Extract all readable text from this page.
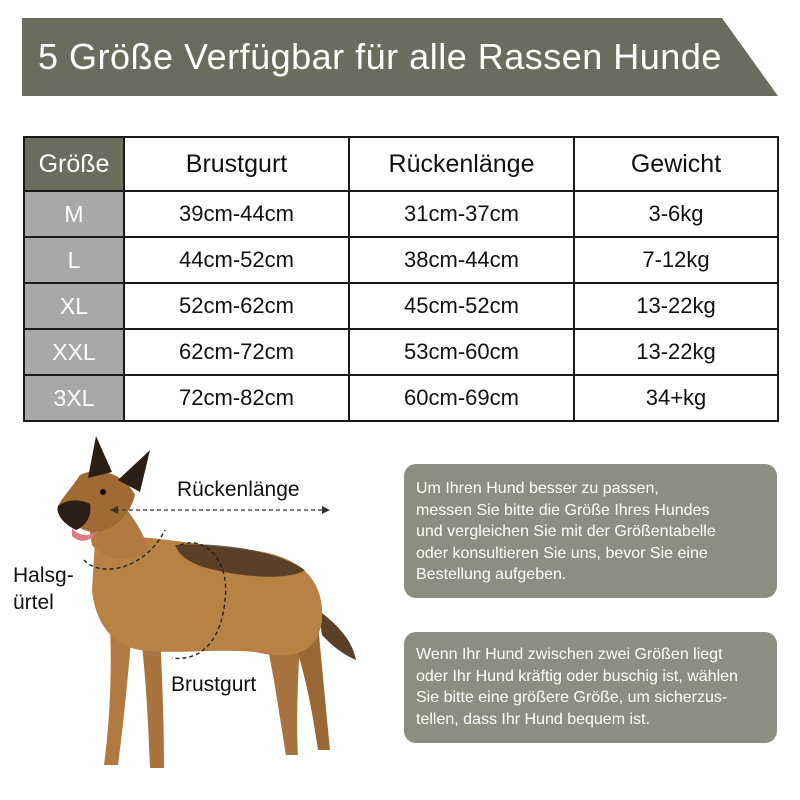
5 Größe Verfügbar für alle Rassen Hunde
Größe	Brustgurt	Rückenlänge	Gewicht
M	39cm-44cm	31cm-37cm	3-6kg
L	44cm-52cm	38cm-44cm	7-12kg
XL	52cm-62cm	45cm-52cm	13-22kg
XXL	62cm-72cm	53cm-60cm	13-22kg
3XL	72cm-82cm	60cm-69cm	34+kg
Rückenlänge
Halsg-
ürtel
Brustgurt
Um Ihren Hund besser zu passen,
messen Sie bitte die Größe Ihres Hundes
und vergleichen Sie mit der Größentabelle
oder konsultieren Sie uns, bevor Sie eine
Bestellung aufgeben.
Wenn Ihr Hund zwischen zwei Größen liegt
oder Ihr Hund kräftig oder buschig ist, wählen
Sie bitte eine größere Größe, um sicherzus-
tellen, dass Ihr Hund bequem ist.
